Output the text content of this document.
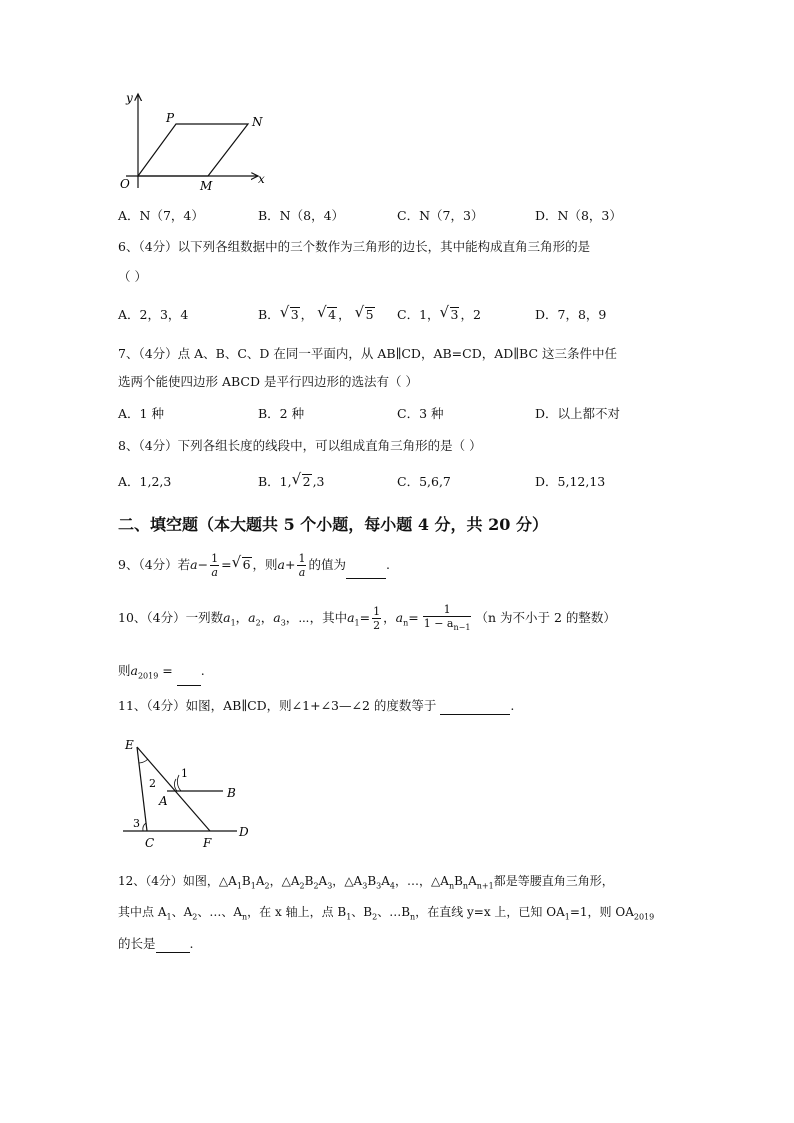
y
x
O
P	N
M
A．N（7，4）	B．N（8，4）	C．N（7，3）	D．N（8，3）
6、（4分）以下列各组数据中的三个数作为三角形的边长，其中能构成直角三角形的是
（ ）
A．2，3，4	B． √ 3 ， √ 4 ， √ 5 C．1， √ 3 ，2	D．7，8，9
7、（4分）点 A、B、C、D 在同一平面内，从 AB∥CD，AB=CD，AD∥BC 这三条件中任
选两个能使四边形 ABCD 是平行四边形的选法有（ ）
A．1 种	B．2 种	C．3 种	D．以上都不对
8、（4分）下列各组长度的线段中，可以组成直角三角形的是（ ）
A．1,2,3	B．1, √ 2 ,3	C．5,6,7	D．5,12,13
二、填空题（本大题共 5 个小题，每小题 4 分，共 20 分）
9、（4分）若$a- \frac{1}{a}$ = √ 6 ，则$a+ \frac{1}{a}$ 的值为	.
10、（4分）一列数$a_1$，$a_2$，$a_3$，⋯，其中$a_1= \frac{1}{2}$ ，$a_n= \frac{1}{1 - a_{n-1}} (n$ 为不小于 2 的整数）
则$a_{2019}$ = .
11、（4分）如图，AB∥CD，则∠1+∠3—∠2 的度数等于	.
E
1
2
A
B
3
D
C	F
12、（4分）如图，$\triangle A_1B_1A_2$，$\triangle A_2B_2A_3$，$\triangle A_3B_3A_4$，…，$\triangle A_nB_nA_{n+1}$都是等腰直角三角形，
其中点 $A_1$、$A_2$、…、$A_n$，在 x 轴上，点 $B_1$、$B_2$、$\dots B_n$，在直线 y=x 上，已知 $OA_1=1$，则 $OA_{2019}$
的长是	.
